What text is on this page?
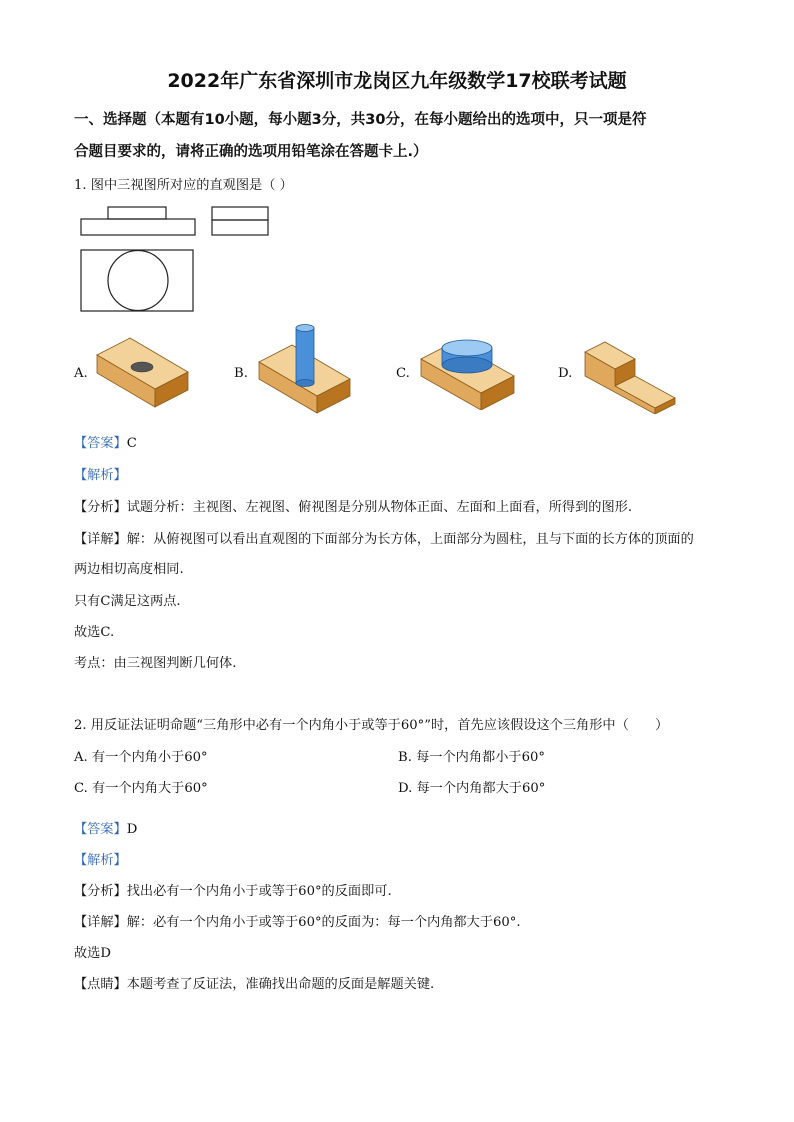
2022年广东省深圳市龙岗区九年级数学17校联考试题
一、选择题（本题有10小题，每小题3分，共30分，在每小题给出的选项中，只一项是符
合题目要求的，请将正确的选项用铅笔涂在答题卡上.）
1. 图中三视图所对应的直观图是（ ）
A.	B.	C.	D.
【答案】C
【解析】
【分析】试题分析：主视图、左视图、俯视图是分别从物体正面、左面和上面看，所得到的图形.
【详解】解：从俯视图可以看出直观图的下面部分为长方体，上面部分为圆柱，且与下面的长方体的顶面的
两边相切高度相同.
只有C满足这两点.
故选C.
考点：由三视图判断几何体.
2. 用反证法证明命题“三角形中必有一个内角小于或等于60°”时，首先应该假设这个三角形中（　　）
A. 有一个内角小于60°	B. 每一个内角都小于60°
C. 有一个内角大于60°	D. 每一个内角都大于60°
【答案】D
【解析】
【分析】找出必有一个内角小于或等于60°的反面即可.
【详解】解：必有一个内角小于或等于60°的反面为：每一个内角都大于60°.
故选D
【点睛】本题考查了反证法，准确找出命题的反面是解题关键.
